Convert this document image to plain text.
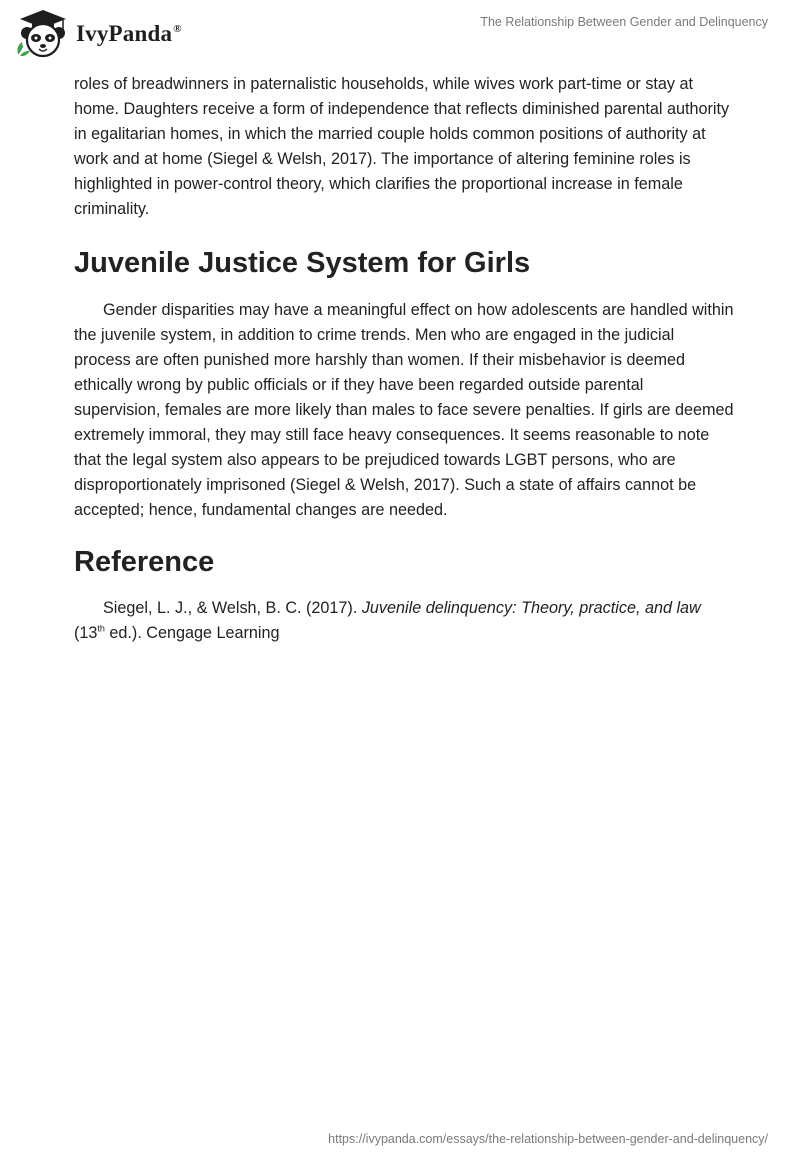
IvyPanda®
The Relationship Between Gender and Delinquency

roles of breadwinners in paternalistic households, while wives work part-time or stay at home. Daughters receive a form of independence that reflects diminished parental authority in egalitarian homes, in which the married couple holds common positions of authority at work and at home (Siegel & Welsh, 2017). The importance of altering feminine roles is highlighted in power-control theory, which clarifies the proportional increase in female criminality.

Juvenile Justice System for Girls

Gender disparities may have a meaningful effect on how adolescents are handled within the juvenile system, in addition to crime trends. Men who are engaged in the judicial process are often punished more harshly than women. If their misbehavior is deemed ethically wrong by public officials or if they have been regarded outside parental supervision, females are more likely than males to face severe penalties. If girls are deemed extremely immoral, they may still face heavy consequences. It seems reasonable to note that the legal system also appears to be prejudiced towards LGBT persons, who are disproportionately imprisoned (Siegel & Welsh, 2017). Such a state of affairs cannot be accepted; hence, fundamental changes are needed.

Reference

Siegel, L. J., & Welsh, B. C. (2017). Juvenile delinquency: Theory, practice, and law (13th ed.). Cengage Learning

https://ivypanda.com/essays/the-relationship-between-gender-and-delinquency/
